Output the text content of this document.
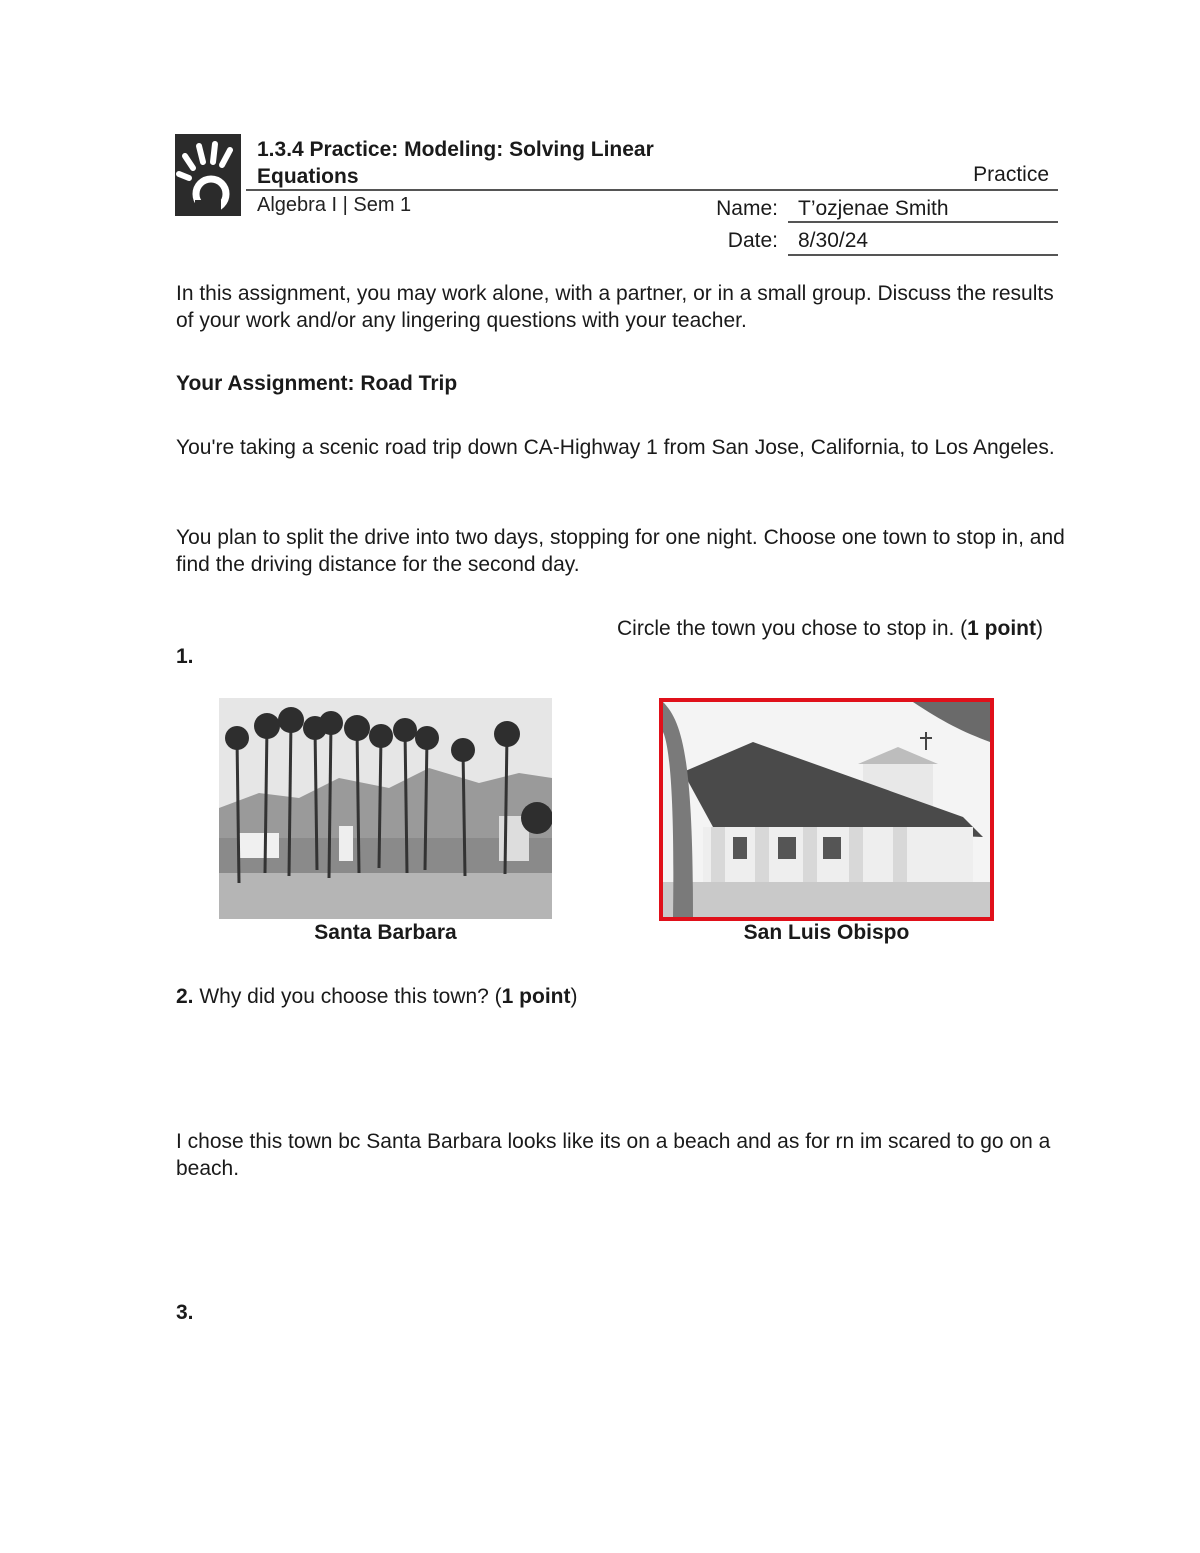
1.3.4 Practice: Modeling: Solving Linear Equations	Practice
Algebra I | Sem 1	Name: T’ozjenae Smith
Date: 8/30/24
In this assignment, you may work alone, with a partner, or in a small group. Discuss the results of your work and/or any lingering questions with your teacher.
Your Assignment: Road Trip
You're taking a scenic road trip down CA-Highway 1 from San Jose, California, to Los Angeles.
You plan to split the drive into two days, stopping for one night. Choose one town to stop in, and find the driving distance for the second day.
1.
Circle the town you chose to stop in. (1 point)
Santa Barbara	San Luis Obispo
2. Why did you choose this town? (1 point)
I chose this town bc Santa Barbara looks like its on a beach and as for rn im scared to go on a beach.
3.
